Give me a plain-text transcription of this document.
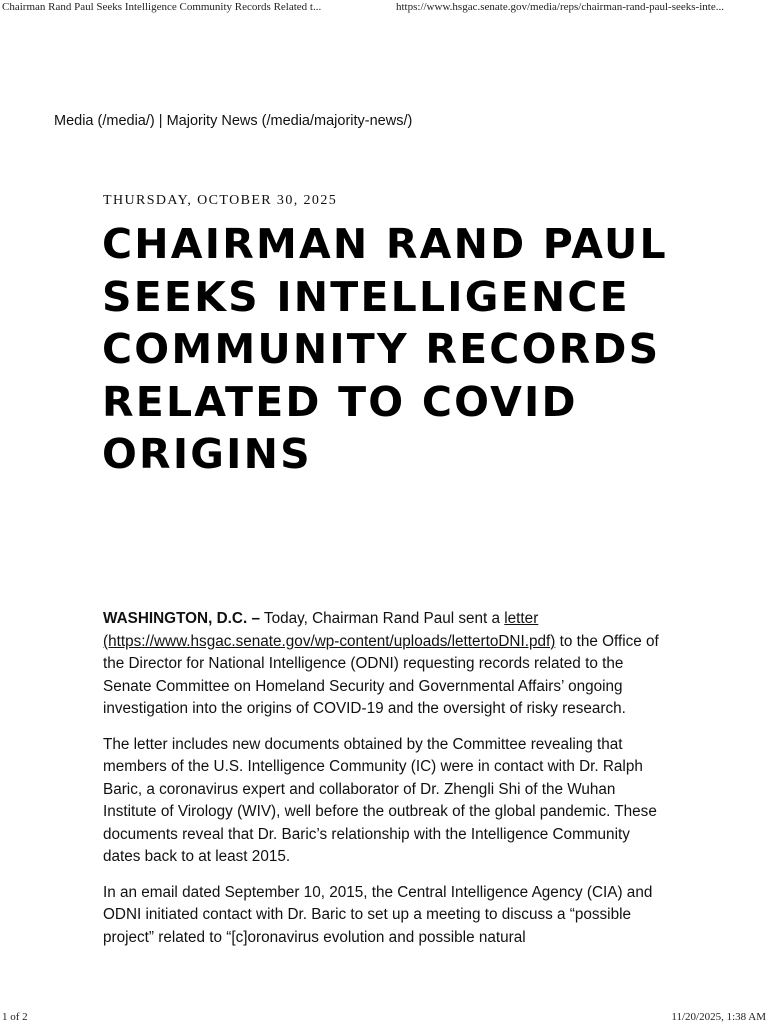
Chairman Rand Paul Seeks Intelligence Community Records Related t...	https://www.hsgac.senate.gov/media/reps/chairman-rand-paul-seeks-inte...
Media (/media/) | Majority News (/media/majority-news/)
THURSDAY, OCTOBER 30, 2025
CHAIRMAN RAND PAUL SEEKS INTELLIGENCE COMMUNITY RECORDS RELATED TO COVID ORIGINS

WASHINGTON, D.C. – Today, Chairman Rand Paul sent a letter (https://www.hsgac.senate.gov/wp-content/uploads/lettertoDNI.pdf) to the Office of the Director for National Intelligence (ODNI) requesting records related to the Senate Committee on Homeland Security and Governmental Affairs’ ongoing investigation into the origins of COVID-19 and the oversight of risky research.

The letter includes new documents obtained by the Committee revealing that members of the U.S. Intelligence Community (IC) were in contact with Dr. Ralph Baric, a coronavirus expert and collaborator of Dr. Zhengli Shi of the Wuhan Institute of Virology (WIV), well before the outbreak of the global pandemic. These documents reveal that Dr. Baric’s relationship with the Intelligence Community dates back to at least 2015.

In an email dated September 10, 2015, the Central Intelligence Agency (CIA) and ODNI initiated contact with Dr. Baric to set up a meeting to discuss a “possible project” related to “[c]oronavirus evolution and possible natural

1 of 2	11/20/2025, 1:38 AM
